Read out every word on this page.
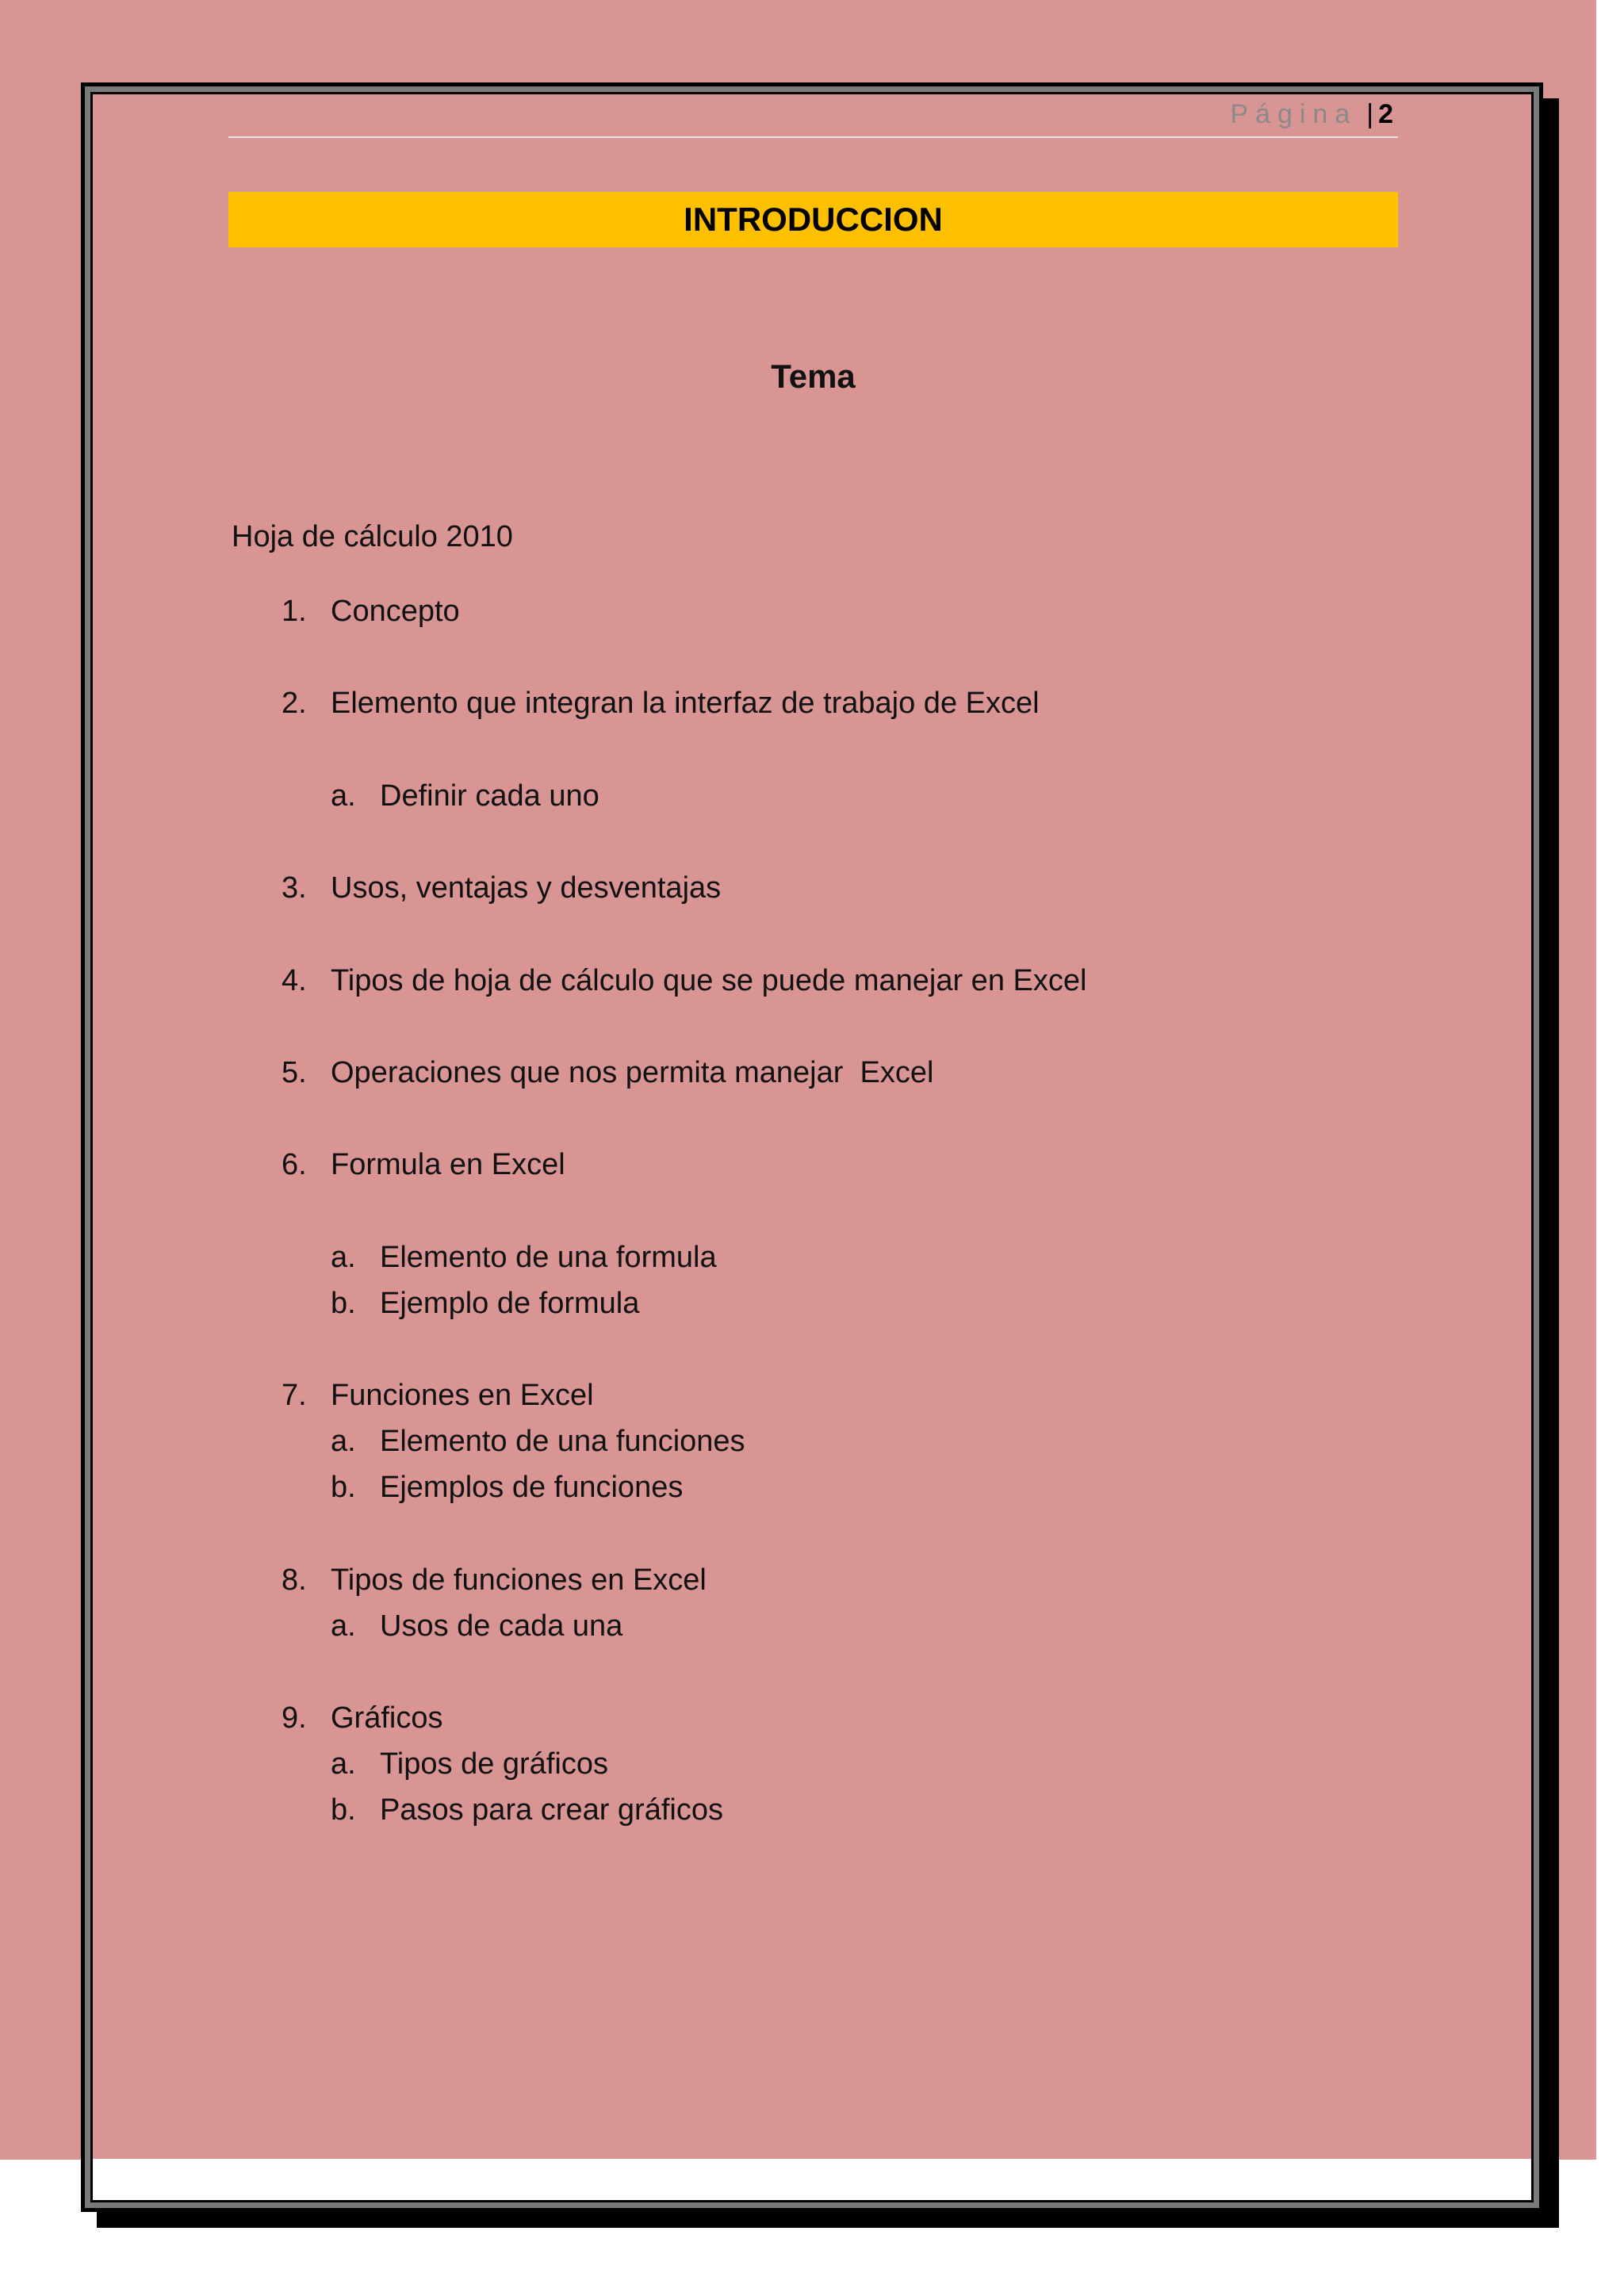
Página | 2
INTRODUCCION
Tema
Hoja de cálculo 2010
1. Concepto
2. Elemento que integran la interfaz de trabajo de Excel
a. Definir cada uno
3. Usos, ventajas y desventajas
4. Tipos de hoja de cálculo que se puede manejar en Excel
5. Operaciones que nos permita manejar  Excel
6. Formula en Excel
a. Elemento de una formula
b. Ejemplo de formula
7. Funciones en Excel
a. Elemento de una funciones
b. Ejemplos de funciones
8. Tipos de funciones en Excel
a. Usos de cada una
9. Gráficos
a. Tipos de gráficos
b. Pasos para crear gráficos
